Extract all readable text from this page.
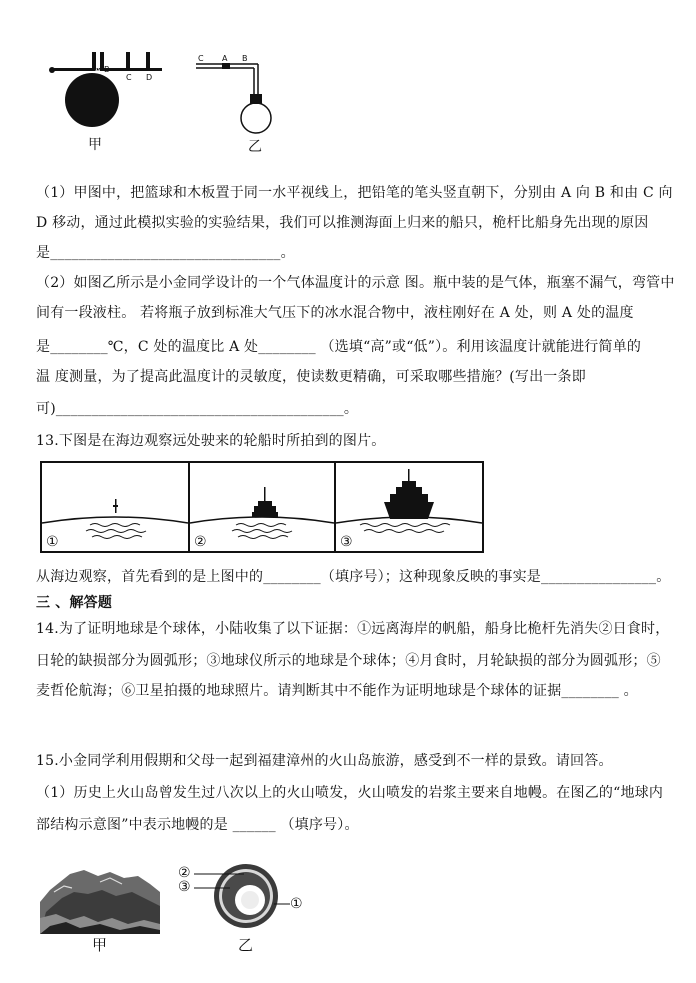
A B
C D
甲
C A B
乙
（1）甲图中，把篮球和木板置于同一水平视线上，把铅笔的笔头竖直朝下，分别由 A 向 B 和由 C 向
D 移动，通过此模拟实验的实验结果，我们可以推测海面上归来的船只，桅杆比船身先出现的原因
是________________________________。
（2）如图乙所示是小金同学设计的一个气体温度计的示意 图。瓶中装的是气体，瓶塞不漏气，弯管中
间有一段液柱。 若将瓶子放到标准大气压下的冰水混合物中，液柱刚好在 A 处，则 A 处的温度
是________℃，C 处的温度比 A 处________ （选填“高”或“低”）。利用该温度计就能进行简单的
温 度测量，为了提高此温度计的灵敏度，使读数更精确，可采取哪些措施？(写出一条即
可)________________________________________。
13.下图是在海边观察远处驶来的轮船时所拍到的图片。
①	②	③
从海边观察，首先看到的是上图中的________（填序号）；这种现象反映的事实是________________。
三 、解答题
14.为了证明地球是个球体，小陆收集了以下证据：①远离海岸的帆船，船身比桅杆先消失②日食时，
日轮的缺损部分为圆弧形；③地球仪所示的地球是个球体；④月食时，月轮缺损的部分为圆弧形；⑤
麦哲伦航海；⑥卫星拍摄的地球照片。请判断其中不能作为证明地球是个球体的证据________ 。
15.小金同学利用假期和父母一起到福建漳州的火山岛旅游，感受到不一样的景致。请回答。
（1）历史上火山岛曾发生过八次以上的火山喷发，火山喷发的岩浆主要来自地幔。在图乙的“地球内
部结构示意图”中表示地幔的是 ______ （填序号）。
甲
②
③
①
乙
